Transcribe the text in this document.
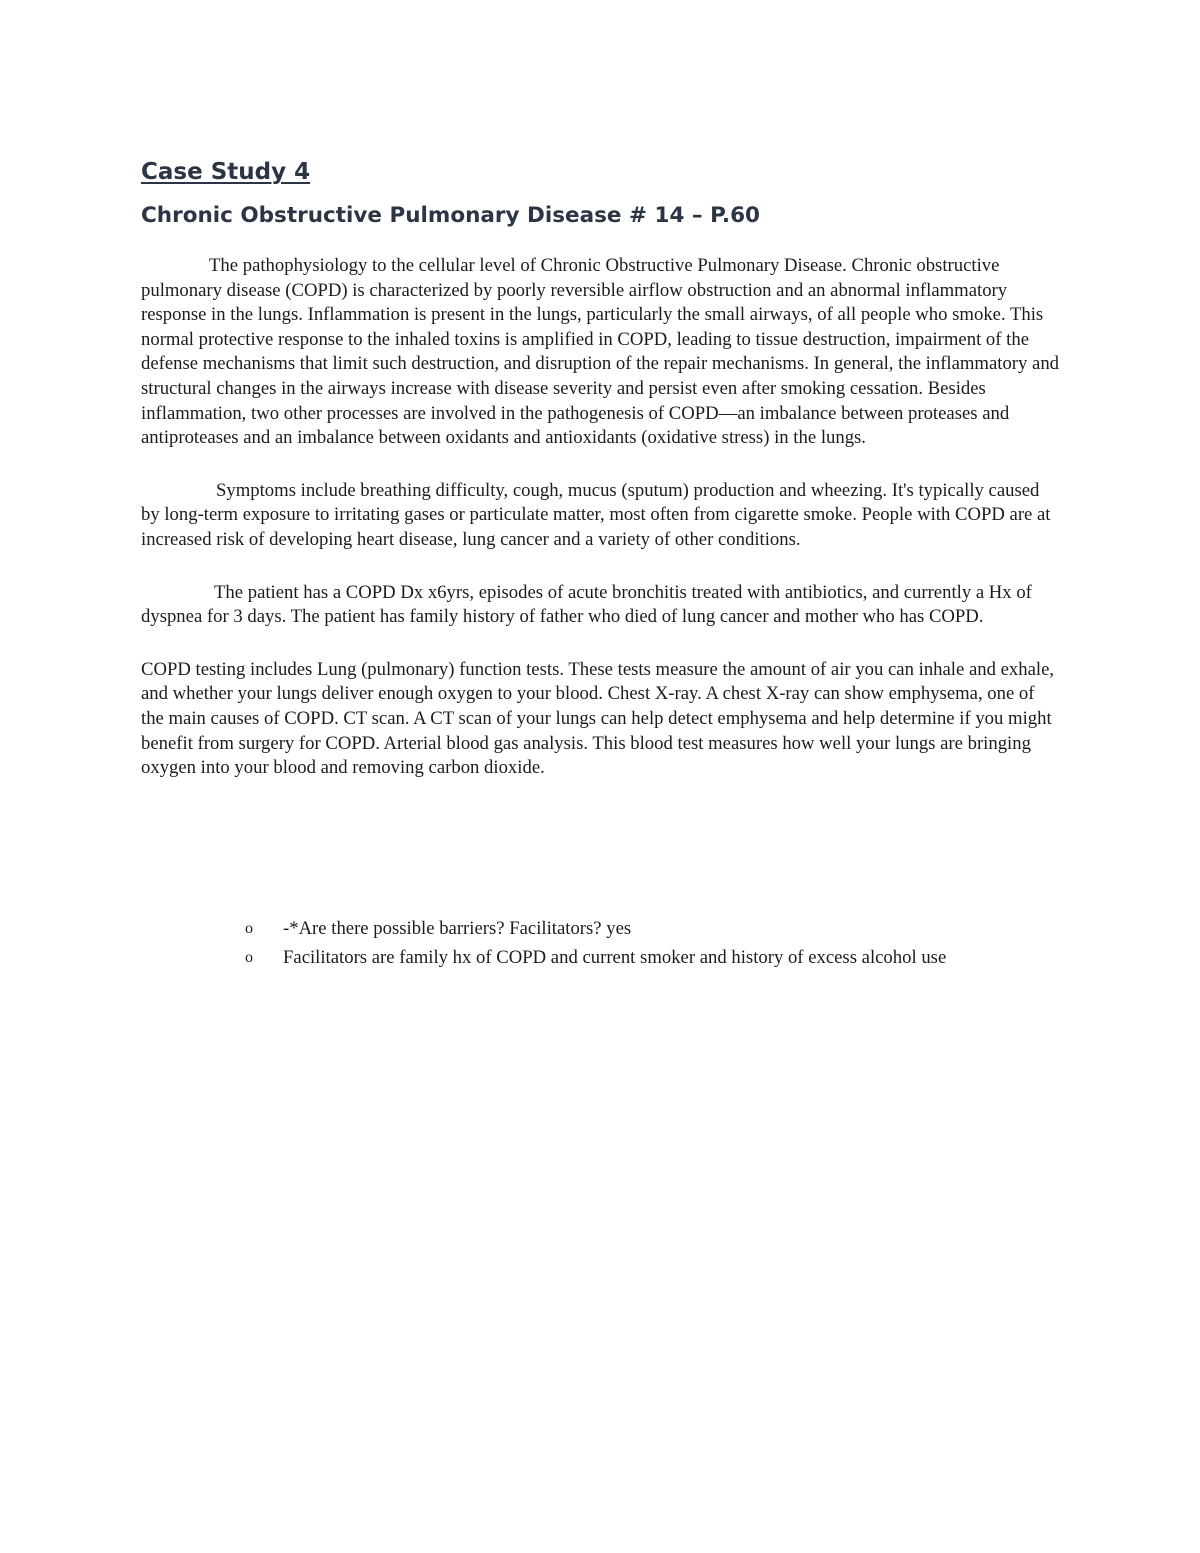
Case Study 4
Chronic Obstructive Pulmonary Disease # 14 – P.60

The pathophysiology to the cellular level of Chronic Obstructive Pulmonary Disease. Chronic obstructive pulmonary disease (COPD) is characterized by poorly reversible airflow obstruction and an abnormal inflammatory response in the lungs. Inflammation is present in the lungs, particularly the small airways, of all people who smoke. This normal protective response to the inhaled toxins is amplified in COPD, leading to tissue destruction, impairment of the defense mechanisms that limit such destruction, and disruption of the repair mechanisms. In general, the inflammatory and structural changes in the airways increase with disease severity and persist even after smoking cessation. Besides inflammation, two other processes are involved in the pathogenesis of COPD—an imbalance between proteases and antiproteases and an imbalance between oxidants and antioxidants (oxidative stress) in the lungs.

Symptoms include breathing difficulty, cough, mucus (sputum) production and wheezing. It's typically caused by long-term exposure to irritating gases or particulate matter, most often from cigarette smoke. People with COPD are at increased risk of developing heart disease, lung cancer and a variety of other conditions.

The patient has a COPD Dx x6yrs, episodes of acute bronchitis treated with antibiotics, and currently a Hx of dyspnea for 3 days. The patient has family history of father who died of lung cancer and mother who has COPD.

COPD testing includes Lung (pulmonary) function tests. These tests measure the amount of air you can inhale and exhale, and whether your lungs deliver enough oxygen to your blood. Chest X-ray. A chest X-ray can show emphysema, one of the main causes of COPD. CT scan. A CT scan of your lungs can help detect emphysema and help determine if you might benefit from surgery for COPD. Arterial blood gas analysis. This blood test measures how well your lungs are bringing oxygen into your blood and removing carbon dioxide.

o -*Are there possible barriers? Facilitators? yes
o Facilitators are family hx of COPD and current smoker and history of excess alcohol use
